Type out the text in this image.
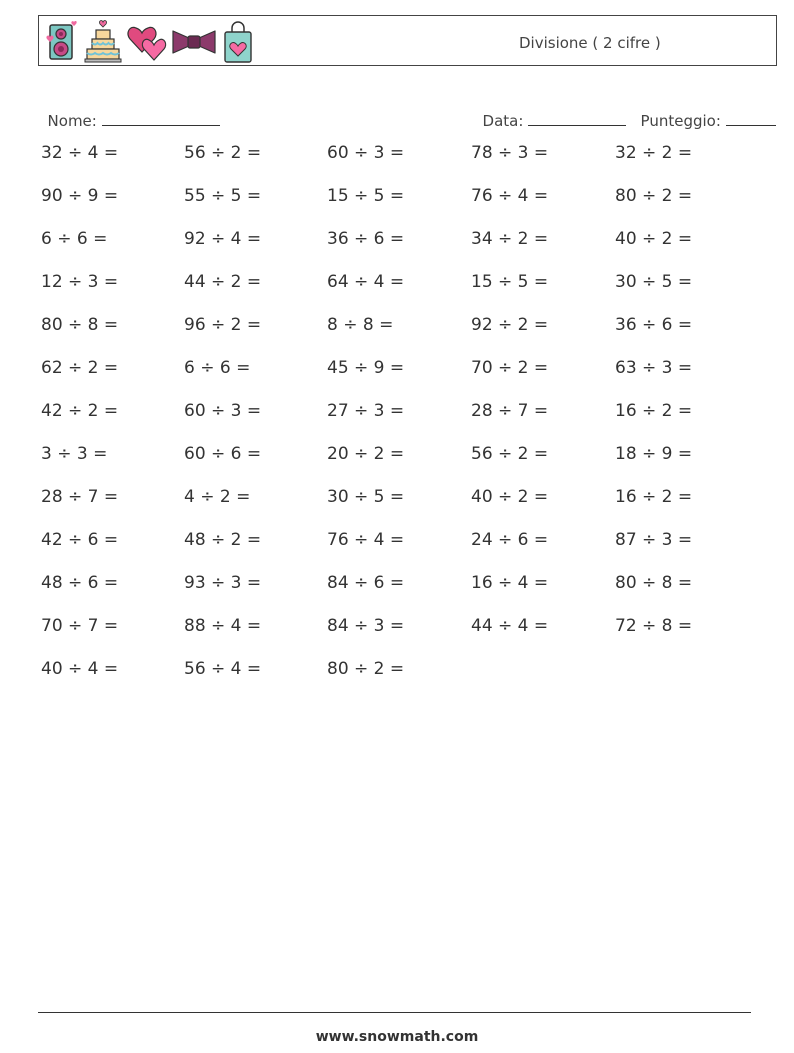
Divisione ( 2 cifre )

Nome:	Data:	Punteggio:

32 ÷ 4 =	56 ÷ 2 =	60 ÷ 3 =	78 ÷ 3 =	32 ÷ 2 =
90 ÷ 9 =	55 ÷ 5 =	15 ÷ 5 =	76 ÷ 4 =	80 ÷ 2 =
6 ÷ 6 =	92 ÷ 4 =	36 ÷ 6 =	34 ÷ 2 =	40 ÷ 2 =
12 ÷ 3 =	44 ÷ 2 =	64 ÷ 4 =	15 ÷ 5 =	30 ÷ 5 =
80 ÷ 8 =	96 ÷ 2 =	8 ÷ 8 =	92 ÷ 2 =	36 ÷ 6 =
62 ÷ 2 =	6 ÷ 6 =	45 ÷ 9 =	70 ÷ 2 =	63 ÷ 3 =
42 ÷ 2 =	60 ÷ 3 =	27 ÷ 3 =	28 ÷ 7 =	16 ÷ 2 =
3 ÷ 3 =	60 ÷ 6 =	20 ÷ 2 =	56 ÷ 2 =	18 ÷ 9 =
28 ÷ 7 =	4 ÷ 2 =	30 ÷ 5 =	40 ÷ 2 =	16 ÷ 2 =
42 ÷ 6 =	48 ÷ 2 =	76 ÷ 4 =	24 ÷ 6 =	87 ÷ 3 =
48 ÷ 6 =	93 ÷ 3 =	84 ÷ 6 =	16 ÷ 4 =	80 ÷ 8 =
70 ÷ 7 =	88 ÷ 4 =	84 ÷ 3 =	44 ÷ 4 =	72 ÷ 8 =
40 ÷ 4 =	56 ÷ 4 =	80 ÷ 2 =
www.snowmath.com
